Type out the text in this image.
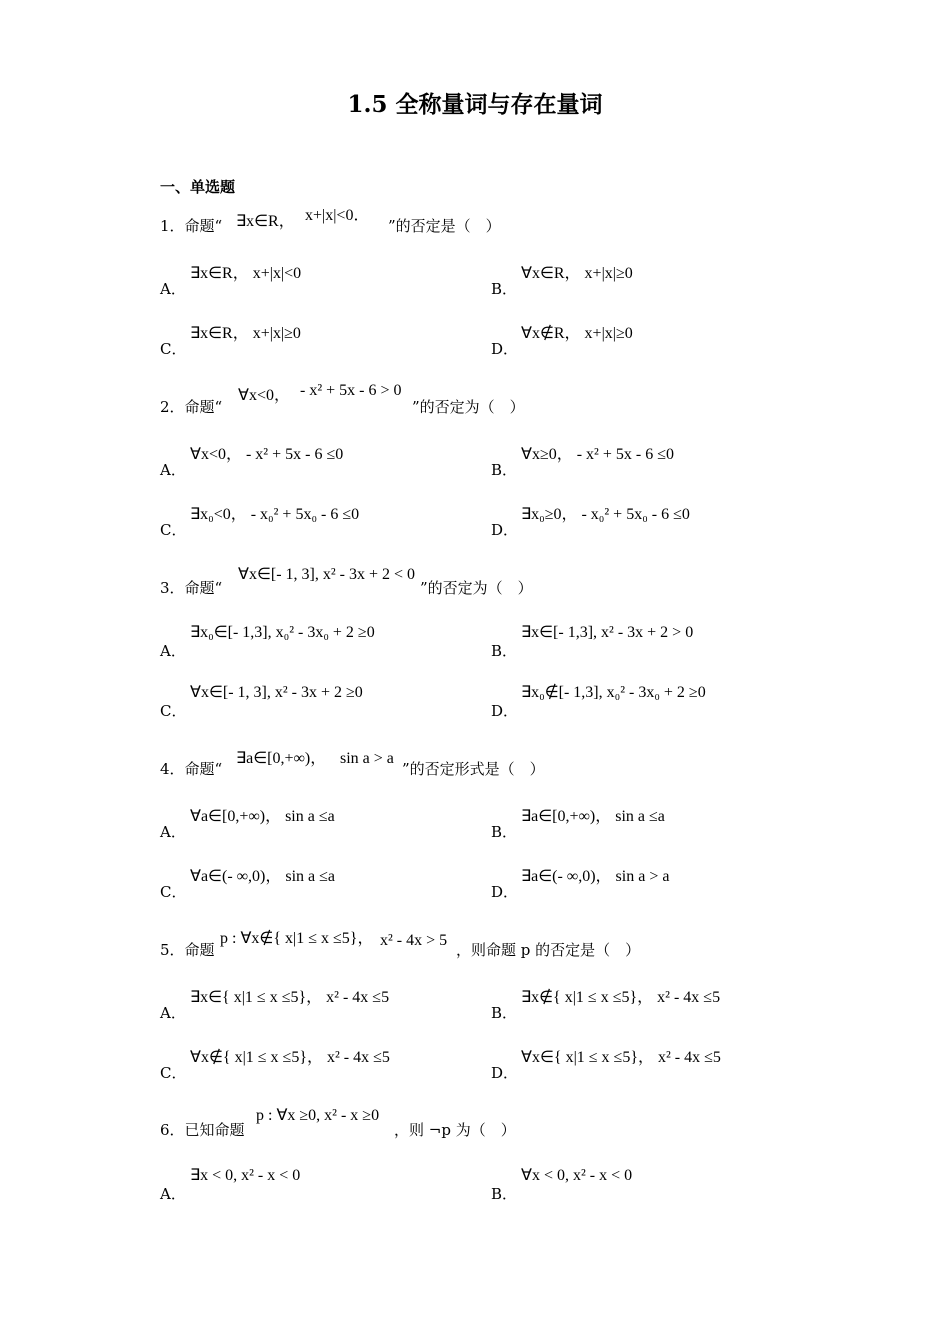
1.5 全称量词与存在量词
一、单选题
1．命题“ ∃x∈R， x+|x|<0．
”的否定是（　）
A．
∃x∈R， x+|x|<0
B．
∀x∈R， x+|x|≥0
C．
∃x∈R， x+|x|≥0
D．
∀x∉R， x+|x|≥0
2．命题“
∀x<0， - x² + 5x - 6 > 0
”的否定为（　）
A．
∀x<0， - x² + 5x - 6 ≤0
B．
∀x≥0， - x² + 5x - 6 ≤0
C．
∃x₀<0， - x₀² + 5x₀ - 6 ≤0
D．
∃x₀≥0， - x₀² + 5x₀ - 6 ≤0
3．命题“
∀x∈[- 1, 3], x² - 3x + 2 < 0
”的否定为（　）
A．
∃x₀∈[- 1,3], x₀² - 3x₀ + 2 ≥0
B．
∃x∈[- 1,3], x² - 3x + 2 > 0
C．
∀x∈[- 1, 3], x² - 3x + 2 ≥0
D．
∃x₀∉[- 1,3], x₀² - 3x₀ + 2 ≥0
4．命题“
∃a∈[0,+∞)， sin a > a
”的否定形式是（　）
A．
∀a∈[0,+∞)， sin a ≤a
B．
∃a∈[0,+∞)， sin a ≤a
C．
∀a∈(- ∞,0)， sin a ≤a
D．
∃a∈(- ∞,0)， sin a > a
5．命题
p : ∀x∉{ x|1 ≤ x ≤5}， x² - 4x > 5
，则命题 p 的否定是（　）
A．
∃x∈{ x|1 ≤ x ≤5}， x² - 4x ≤5
B．
∃x∉{ x|1 ≤ x ≤5}， x² - 4x ≤5
C．
∀x∉{ x|1 ≤ x ≤5}， x² - 4x ≤5
D．
∀x∈{ x|1 ≤ x ≤5}， x² - 4x ≤5
6．已知命题
p : ∀x ≥0, x² - x ≥0
，则 ¬p 为（　）
A．
∃x < 0, x² - x < 0
B．
∀x < 0, x² - x < 0
